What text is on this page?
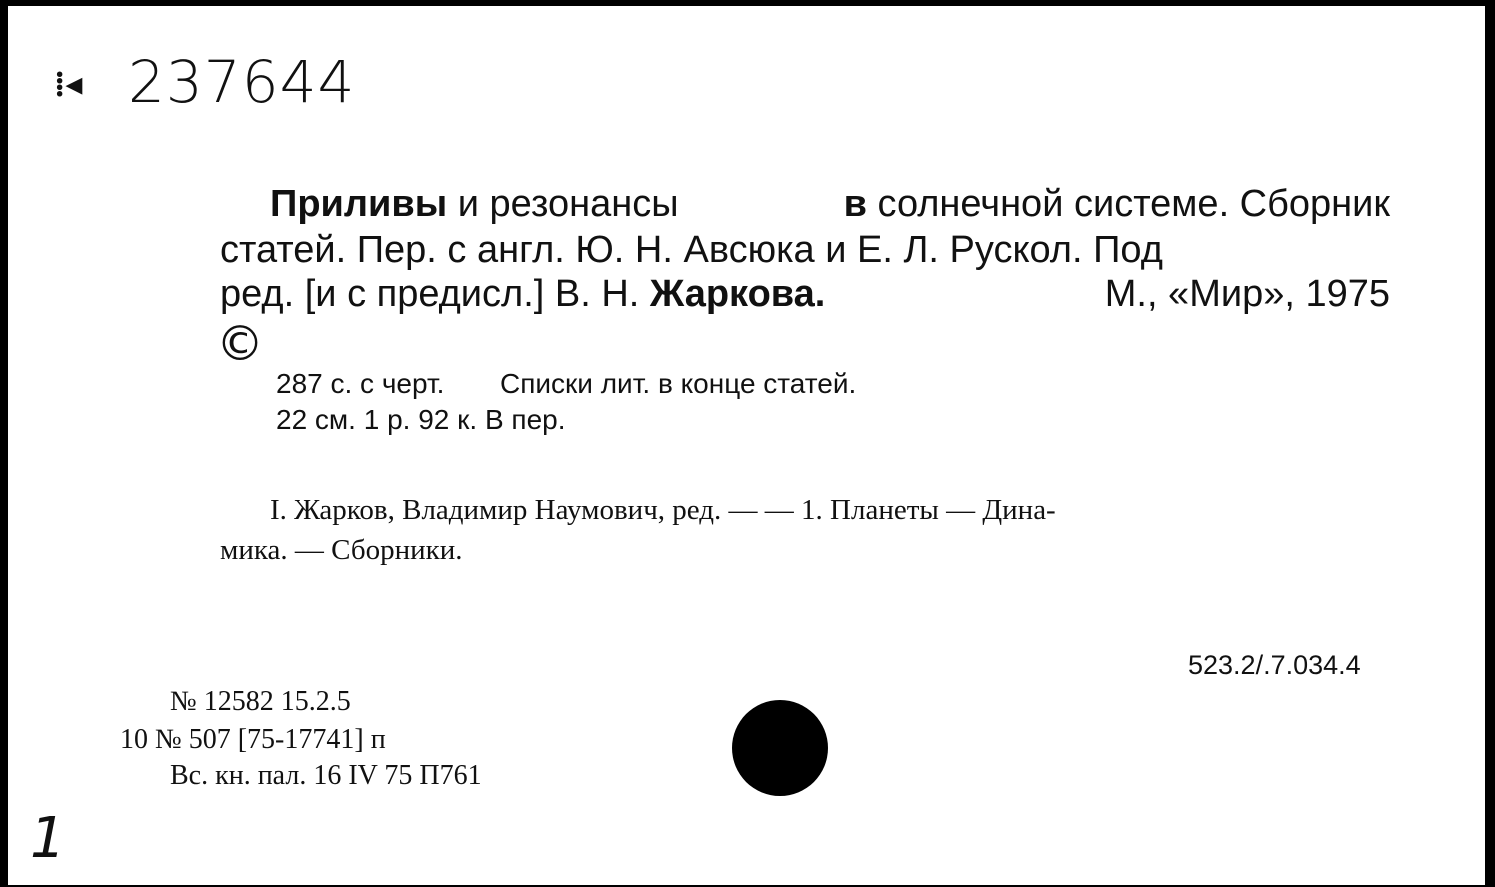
⁞◂ 237644
Приливы и резонансы	в солнечной системе. Сборник
статей. Пер. с англ. Ю. Н. Авсюка и Е. Л. Рускол. Под
ред. [и с предисл.] В. Н. Жаркова.	М., «Мир», 1975
©
287 с. с черт. Списки лит. в конце статей.
22 см. 1 р. 92 к. В пер.
I. Жарков, Владимир Наумович, ред. — — 1. Планеты — Дина-
мика. — Сборники.
523.2/.7.034.4
№ 12582 15.2.5
10 № 507 [75-17741] п
Вс. кн. пал. 16 IV 75 П761
1
